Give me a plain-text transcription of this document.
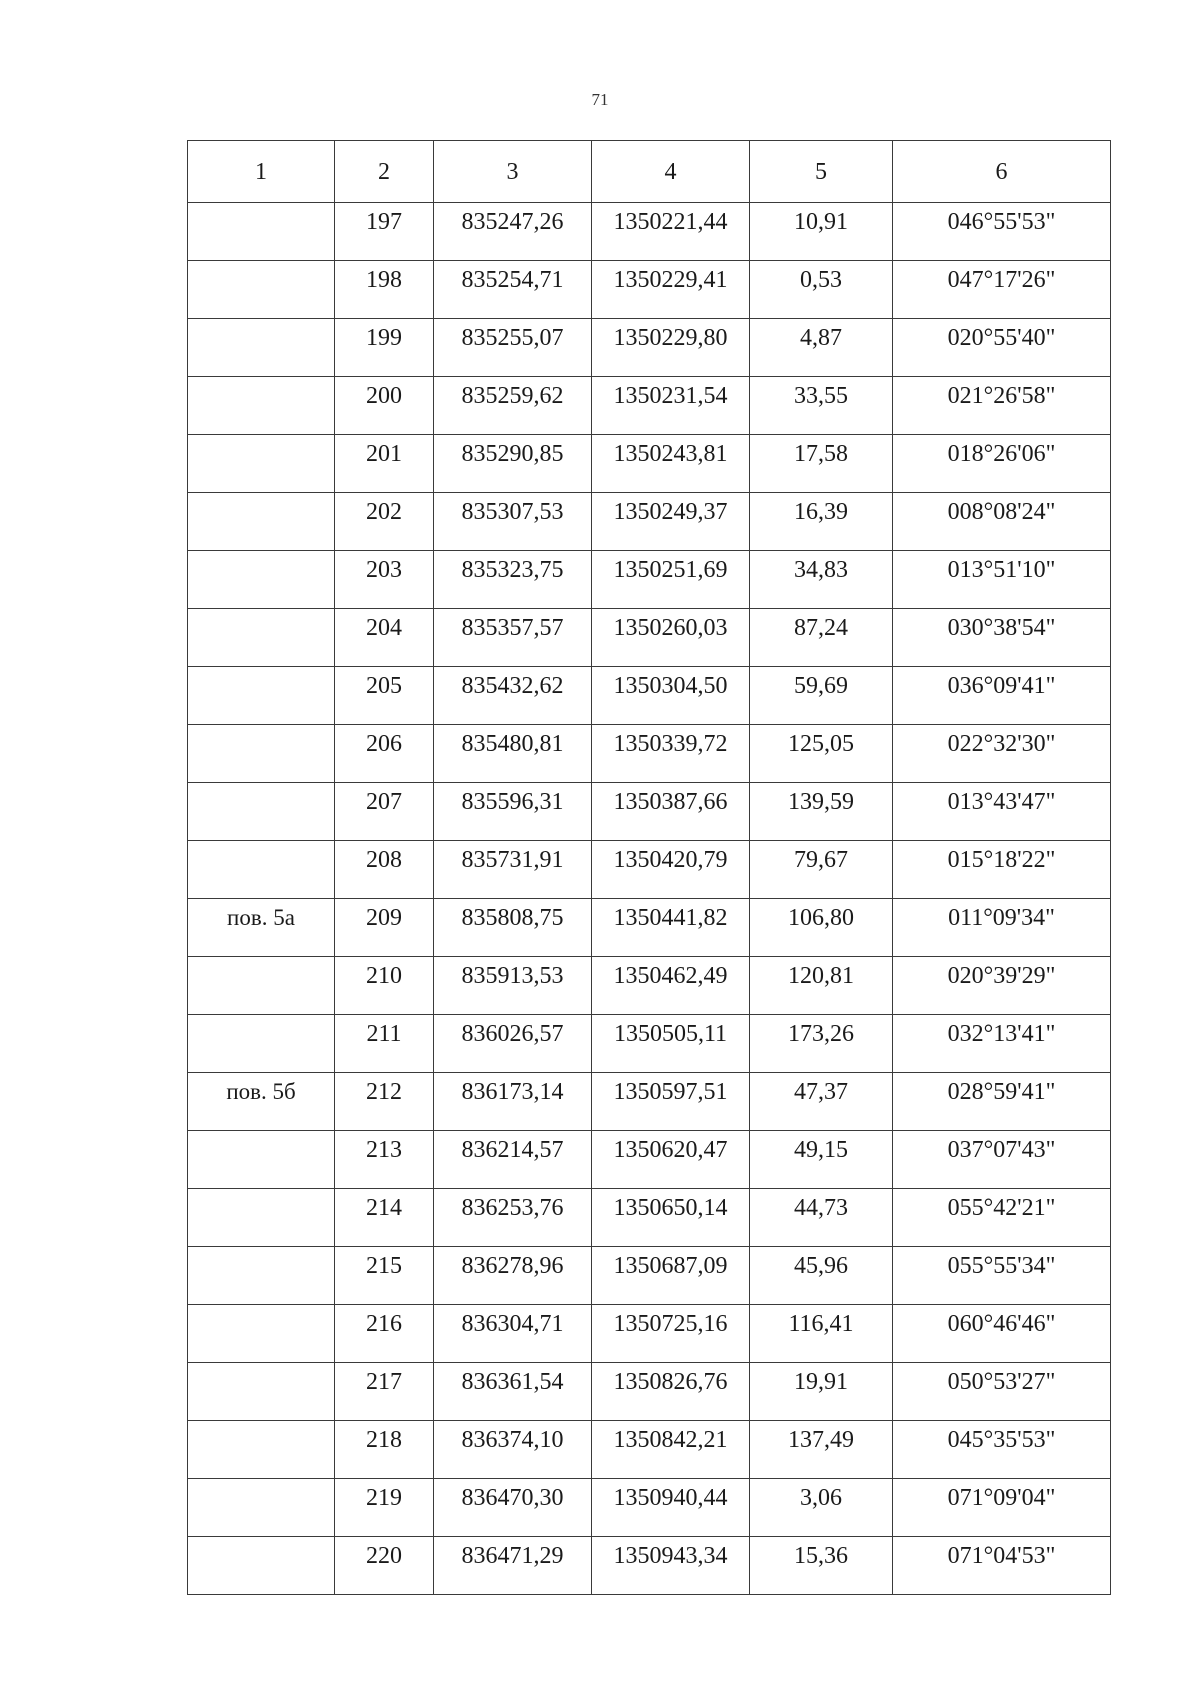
71
1	2	3	4	5	6
	197	835247,26	1350221,44	10,91	046°55'53"
	198	835254,71	1350229,41	0,53	047°17'26"
	199	835255,07	1350229,80	4,87	020°55'40"
	200	835259,62	1350231,54	33,55	021°26'58"
	201	835290,85	1350243,81	17,58	018°26'06"
	202	835307,53	1350249,37	16,39	008°08'24"
	203	835323,75	1350251,69	34,83	013°51'10"
	204	835357,57	1350260,03	87,24	030°38'54"
	205	835432,62	1350304,50	59,69	036°09'41"
	206	835480,81	1350339,72	125,05	022°32'30"
	207	835596,31	1350387,66	139,59	013°43'47"
	208	835731,91	1350420,79	79,67	015°18'22"
пов. 5а	209	835808,75	1350441,82	106,80	011°09'34"
	210	835913,53	1350462,49	120,81	020°39'29"
	211	836026,57	1350505,11	173,26	032°13'41"
пов. 5б	212	836173,14	1350597,51	47,37	028°59'41"
	213	836214,57	1350620,47	49,15	037°07'43"
	214	836253,76	1350650,14	44,73	055°42'21"
	215	836278,96	1350687,09	45,96	055°55'34"
	216	836304,71	1350725,16	116,41	060°46'46"
	217	836361,54	1350826,76	19,91	050°53'27"
	218	836374,10	1350842,21	137,49	045°35'53"
	219	836470,30	1350940,44	3,06	071°09'04"
	220	836471,29	1350943,34	15,36	071°04'53"
